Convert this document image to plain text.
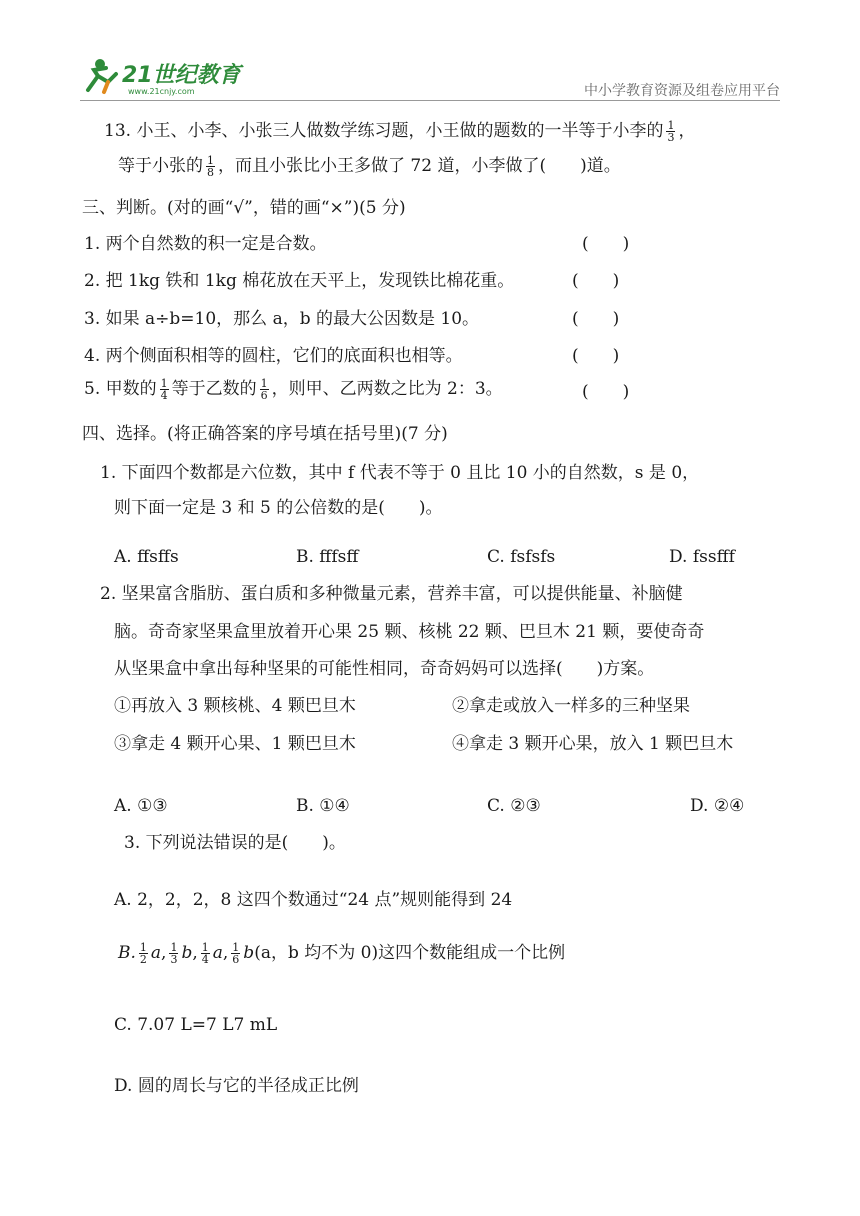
21世纪教育
www.21cnjy.com	中小学教育资源及组卷应用平台
13. 小王、小李、小张三人做数学练习题，小王做的题数的一半等于小李的 $\frac{1}{3}$ ，
等于小张的 $\frac{1}{8}$ ，而且小张比小王多做了 72 道，小李做了(　　)道。
三、判断。(对的画“√”，错的画“×”)(5 分)
1. 两个自然数的积一定是合数。	(　　)
2. 把 1kg 铁和 1kg 棉花放在天平上，发现铁比棉花重。	(　　)
3. 如果 a÷b=10，那么 a，b 的最大公因数是 10。	(　　)
4. 两个侧面积相等的圆柱，它们的底面积也相等。	(　　)
5. 甲数的 $\frac{1}{4}$ 等于乙数的 $\frac{1}{6}$ ，则甲、乙两数之比为 2：3。	(　　)
四、选择。(将正确答案的序号填在括号里)(7 分)
1. 下面四个数都是六位数，其中 f 代表不等于 0 且比 10 小的自然数，s 是 0，
则下面一定是 3 和 5 的公倍数的是(　　)。
A. ffsffs	B. fffsff	C. fsfsfs	D. fssfff
2. 坚果富含脂肪、蛋白质和多种微量元素，营养丰富，可以提供能量、补脑健
脑。奇奇家坚果盒里放着开心果 25 颗、核桃 22 颗、巴旦木 21 颗，要使奇奇
从坚果盒中拿出每种坚果的可能性相同，奇奇妈妈可以选择(　　)方案。
①再放入 3 颗核桃、4 颗巴旦木	②拿走或放入一样多的三种坚果
③拿走 4 颗开心果、1 颗巴旦木	④拿走 3 颗开心果，放入 1 颗巴旦木
A. ①③	B. ①④	C. ②③	D. ②④
3. 下列说法错误的是(　　)。
A. 2，2，2，8 这四个数通过“24 点”规则能得到 24
B. $\frac{1}{2} a$, $\frac{1}{3} b$, $\frac{1}{4} a$, $\frac{1}{6} b(a$，b 均不为 0)这四个数能组成一个比例
C. 7.07 L=7 L7 mL
D. 圆的周长与它的半径成正比例
